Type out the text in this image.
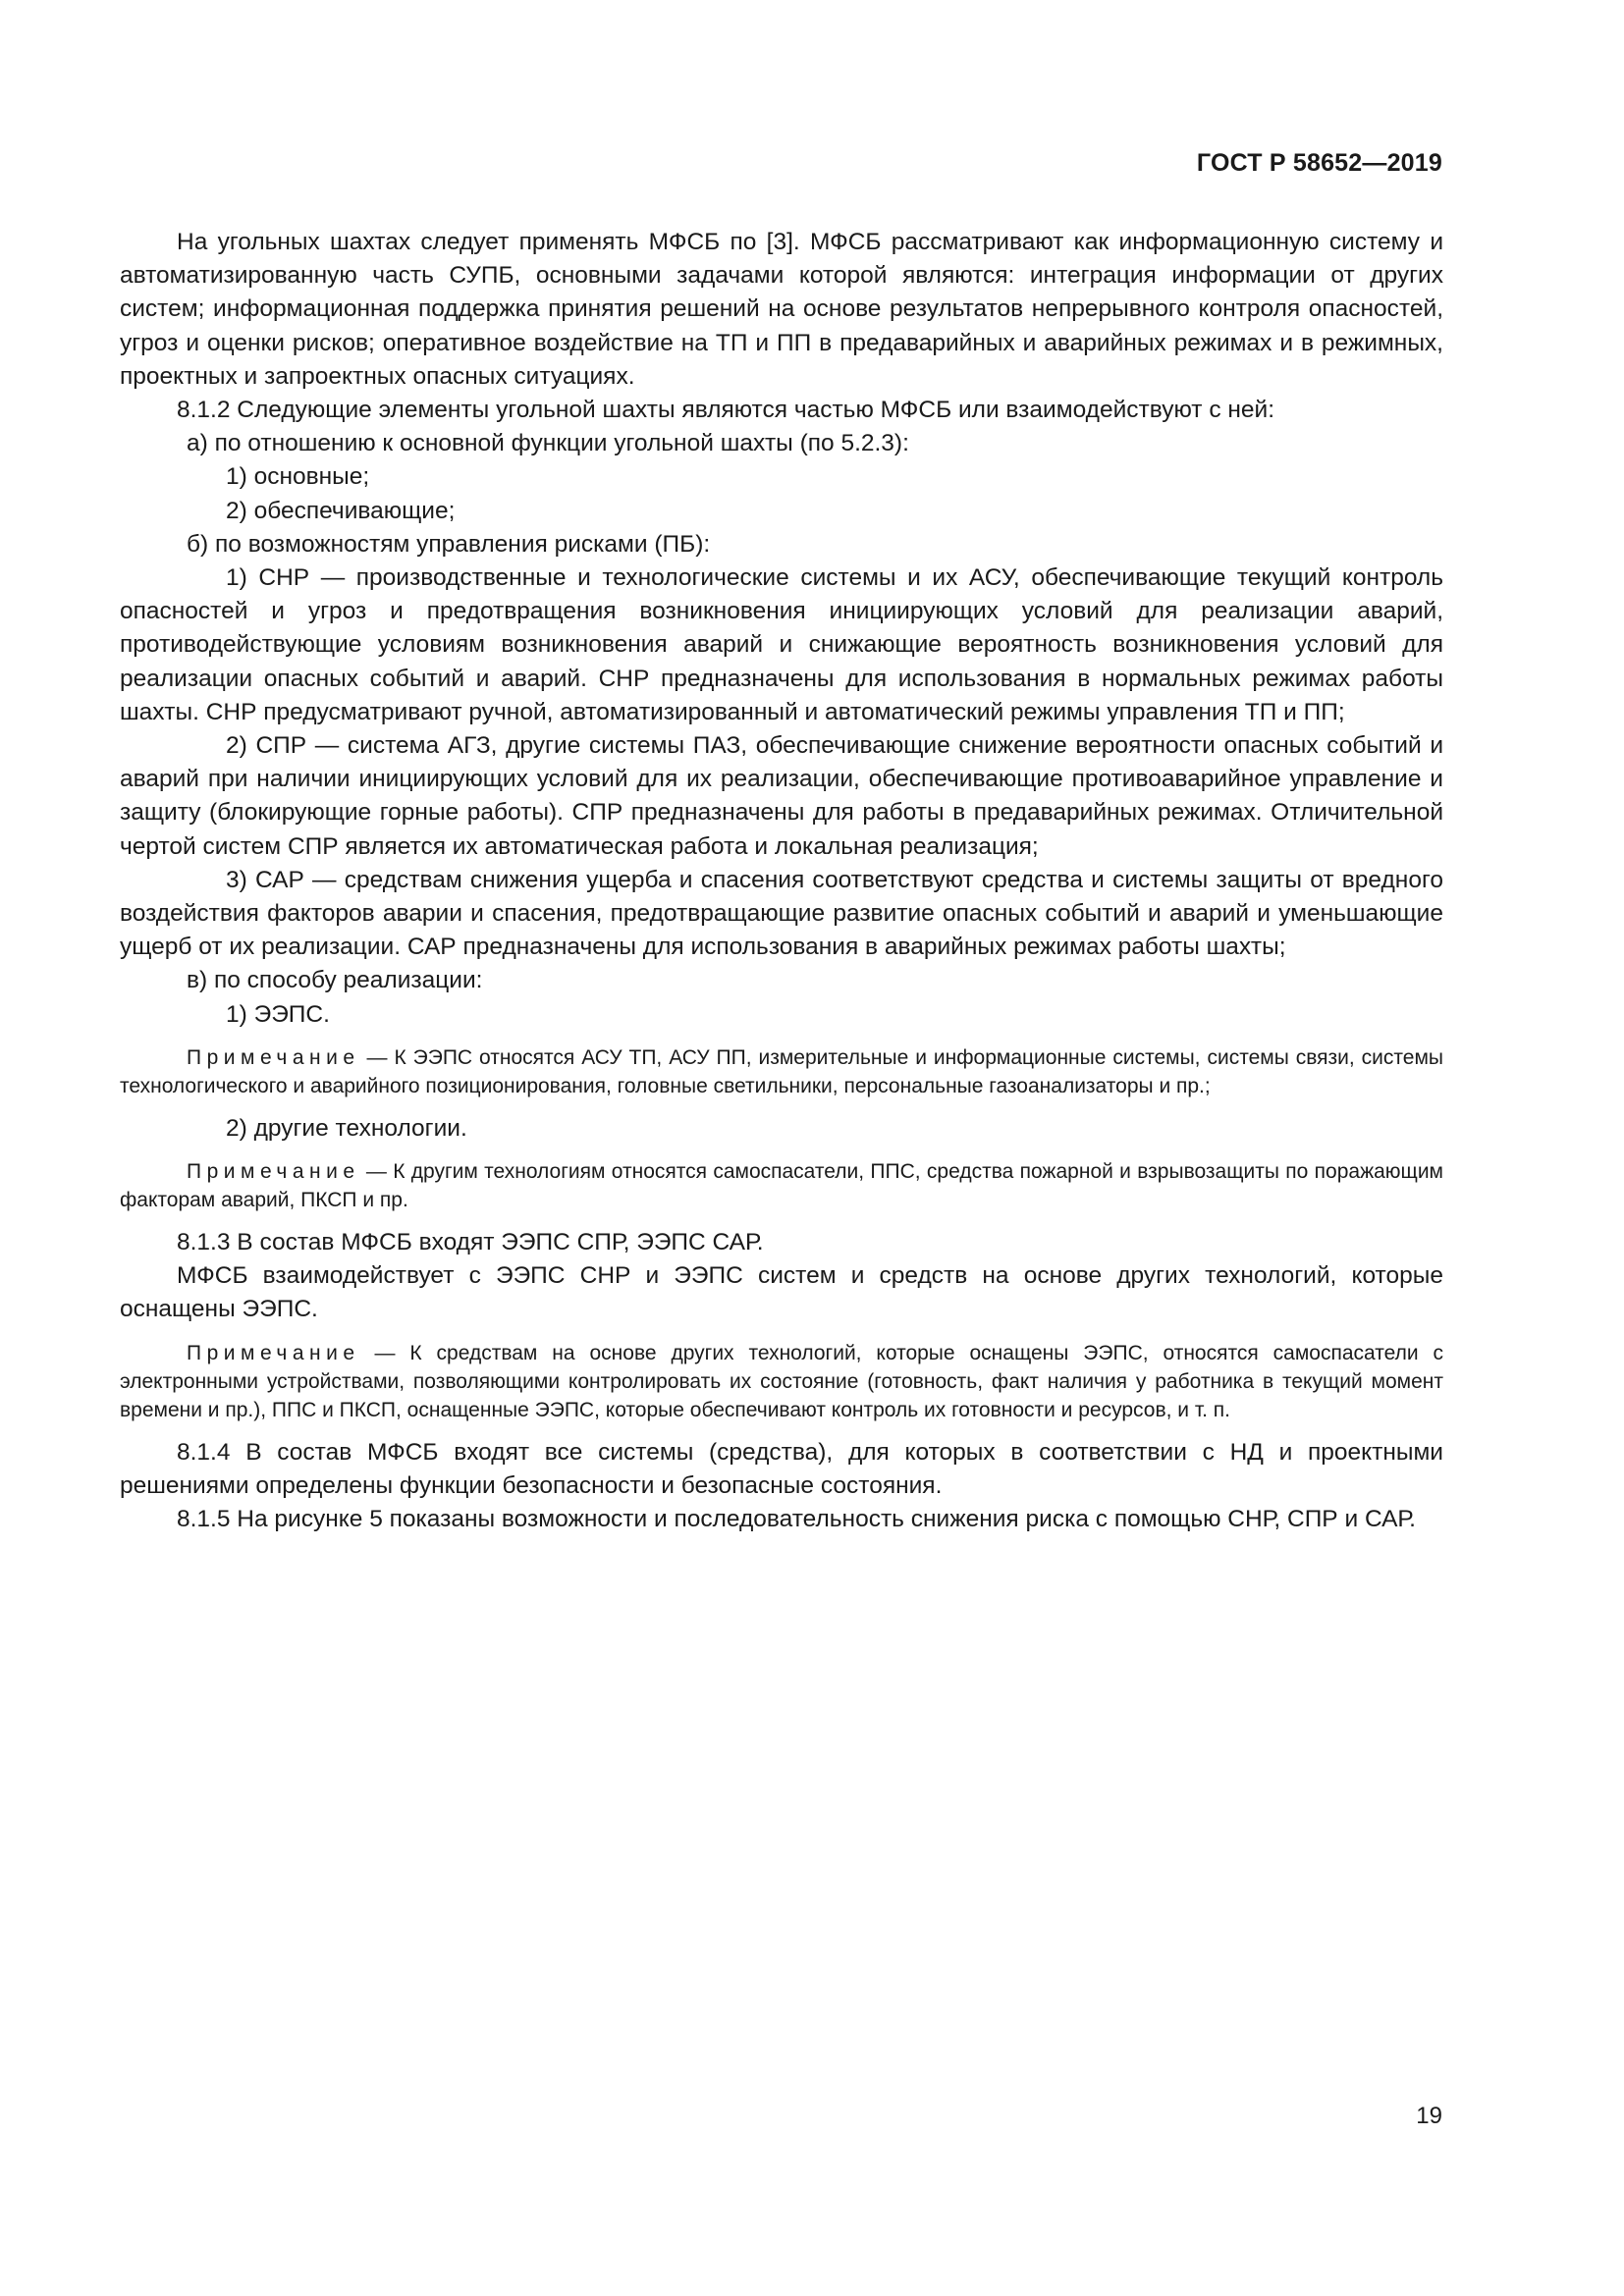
ГОСТ Р 58652—2019

На угольных шахтах следует применять МФСБ по [3]. МФСБ рассматривают как информационную систему и автоматизированную часть СУПБ, основными задачами которой являются: интеграция информации от других систем; информационная поддержка принятия решений на основе результатов непрерывного контроля опасностей, угроз и оценки рисков; оперативное воздействие на ТП и ПП в предаварийных и аварийных режимах и в режимных, проектных и запроектных опасных ситуациях.

8.1.2 Следующие элементы угольной шахты являются частью МФСБ или взаимодействуют с ней:

а) по отношению к основной функции угольной шахты (по 5.2.3):

1) основные;

2) обеспечивающие;

б) по возможностям управления рисками (ПБ):

1) СНР — производственные и технологические системы и их АСУ, обеспечивающие текущий контроль опасностей и угроз и предотвращения возникновения инициирующих условий для реализации аварий, противодействующие условиям возникновения аварий и снижающие вероятность возникновения условий для реализации опасных событий и аварий. СНР предназначены для использования в нормальных режимах работы шахты. СНР предусматривают ручной, автоматизированный и автоматический режимы управления ТП и ПП;

2) СПР — система АГЗ, другие системы ПАЗ, обеспечивающие снижение вероятности опасных событий и аварий при наличии инициирующих условий для их реализации, обеспечивающие противоаварийное управление и защиту (блокирующие горные работы). СПР предназначены для работы в предаварийных режимах. Отличительной чертой систем СПР является их автоматическая работа и локальная реализация;

3) САР — средствам снижения ущерба и спасения соответствуют средства и системы защиты от вредного воздействия факторов аварии и спасения, предотвращающие развитие опасных событий и аварий и уменьшающие ущерб от их реализации. САР предназначены для использования в аварийных режимах работы шахты;

в) по способу реализации:

1) ЭЭПС.

Примечание — К ЭЭПС относятся АСУ ТП, АСУ ПП, измерительные и информационные системы, системы связи, системы технологического и аварийного позиционирования, головные светильники, персональные газоанализаторы и пр.;

2) другие технологии.

Примечание — К другим технологиям относятся самоспасатели, ППС, средства пожарной и взрывозащиты по поражающим факторам аварий, ПКСП и пр.

8.1.3 В состав МФСБ входят ЭЭПС СПР, ЭЭПС САР.

МФСБ взаимодействует с ЭЭПС СНР и ЭЭПС систем и средств на основе других технологий, которые оснащены ЭЭПС.

Примечание — К средствам на основе других технологий, которые оснащены ЭЭПС, относятся самоспасатели с электронными устройствами, позволяющими контролировать их состояние (готовность, факт наличия у работника в текущий момент времени и пр.), ППС и ПКСП, оснащенные ЭЭПС, которые обеспечивают контроль их готовности и ресурсов, и т. п.

8.1.4 В состав МФСБ входят все системы (средства), для которых в соответствии с НД и проектными решениями определены функции безопасности и безопасные состояния.

8.1.5 На рисунке 5 показаны возможности и последовательность снижения риска с помощью СНР, СПР и САР.

19
